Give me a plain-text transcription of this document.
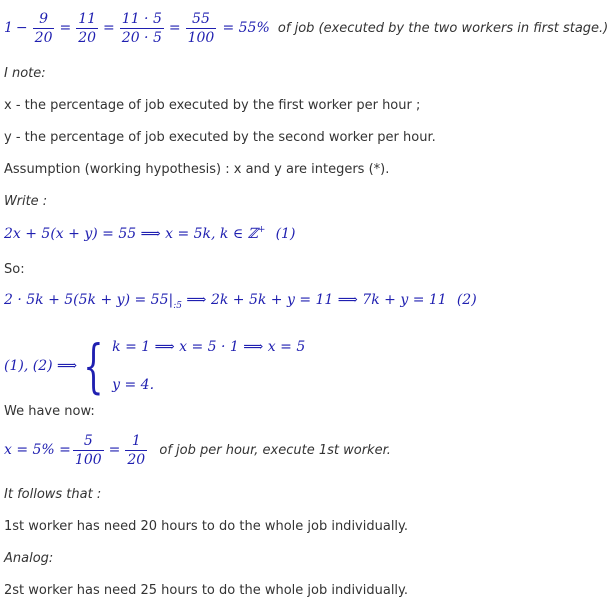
$1 - \frac{9}{20} = \frac{11}{20} = \frac{11 \cdot 5}{20 \cdot 5} = \frac{55}{100} = 55\%$ of job (executed by the two workers in first stage.)
I note:
x - the percentage of job executed by the first worker per hour ;
y - the percentage of job executed by the second worker per hour.
Assumption (working hypothesis) : x and y are integers (*).
Write :
2x + 5(x + y) = 55 ⟹ x = 5k, k ∈ ℤ+ (1)
So:
$2 \cdot 5k + 5(5k + y) = 55|_{:5}$ ⟹ 2k + 5k + y = 11 ⟹ 7k + y = 11 (2)
(1), (2) ⟹ { k = 1 ⟹ x = 5 · 1 ⟹ x = 5
y = 4.
We have now:
$x = 5\% = \frac{5}{100} = \frac{1}{20}$ of job per hour, execute 1st worker.
It follows that :
1st worker has need 20 hours to do the whole job individually.
Analog:
2st worker has need 25 hours to do the whole job individually.
